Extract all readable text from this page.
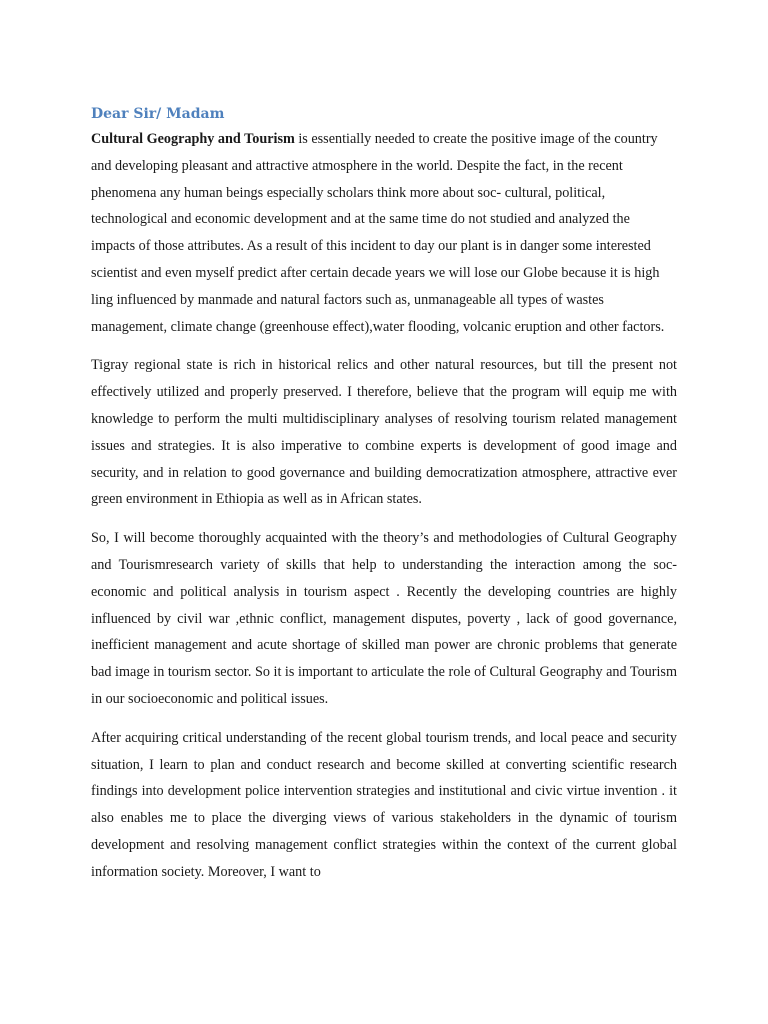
Dear Sir/ Madam

Cultural Geography and Tourism is essentially needed to create the positive image of the country and developing pleasant and attractive atmosphere in the world. Despite the fact, in the recent phenomena any human beings especially scholars think more about soc- cultural, political, technological and economic development and at the same time do not studied and analyzed the impacts of those attributes. As a result of this incident to day our plant is in danger some interested scientist and even myself predict after certain decade years we will lose our Globe because it is high ling influenced by manmade and natural factors such as, unmanageable all types of wastes management, climate change (greenhouse effect),water flooding, volcanic eruption and other factors.

Tigray regional state is rich in historical relics and other natural resources, but till the present not effectively utilized and properly preserved. I therefore, believe that the program will equip me with knowledge to perform the multi multidisciplinary analyses of resolving tourism related management issues and strategies. It is also imperative to combine experts is development of good image and security, and in relation to good governance and building democratization atmosphere, attractive ever green environment in Ethiopia as well as in African states.

So, I will become thoroughly acquainted with the theory’s and methodologies of Cultural Geography and Tourismresearch variety of skills that help to understanding the interaction among the soc- economic and political analysis in tourism aspect . Recently the developing countries are highly influenced by civil war ,ethnic conflict, management disputes, poverty , lack of good governance, inefficient management and acute shortage of skilled man power are chronic problems that generate bad image in tourism sector. So it is important to articulate the role of Cultural Geography and Tourism in our socioeconomic and political issues.

After acquiring critical understanding of the recent global tourism trends, and local peace and security situation, I learn to plan and conduct research and become skilled at converting scientific research findings into development police intervention strategies and institutional and civic virtue invention . it also enables me to place the diverging views of various stakeholders in the dynamic of tourism development and resolving management conflict strategies within the context of the current global information society. Moreover, I want to
